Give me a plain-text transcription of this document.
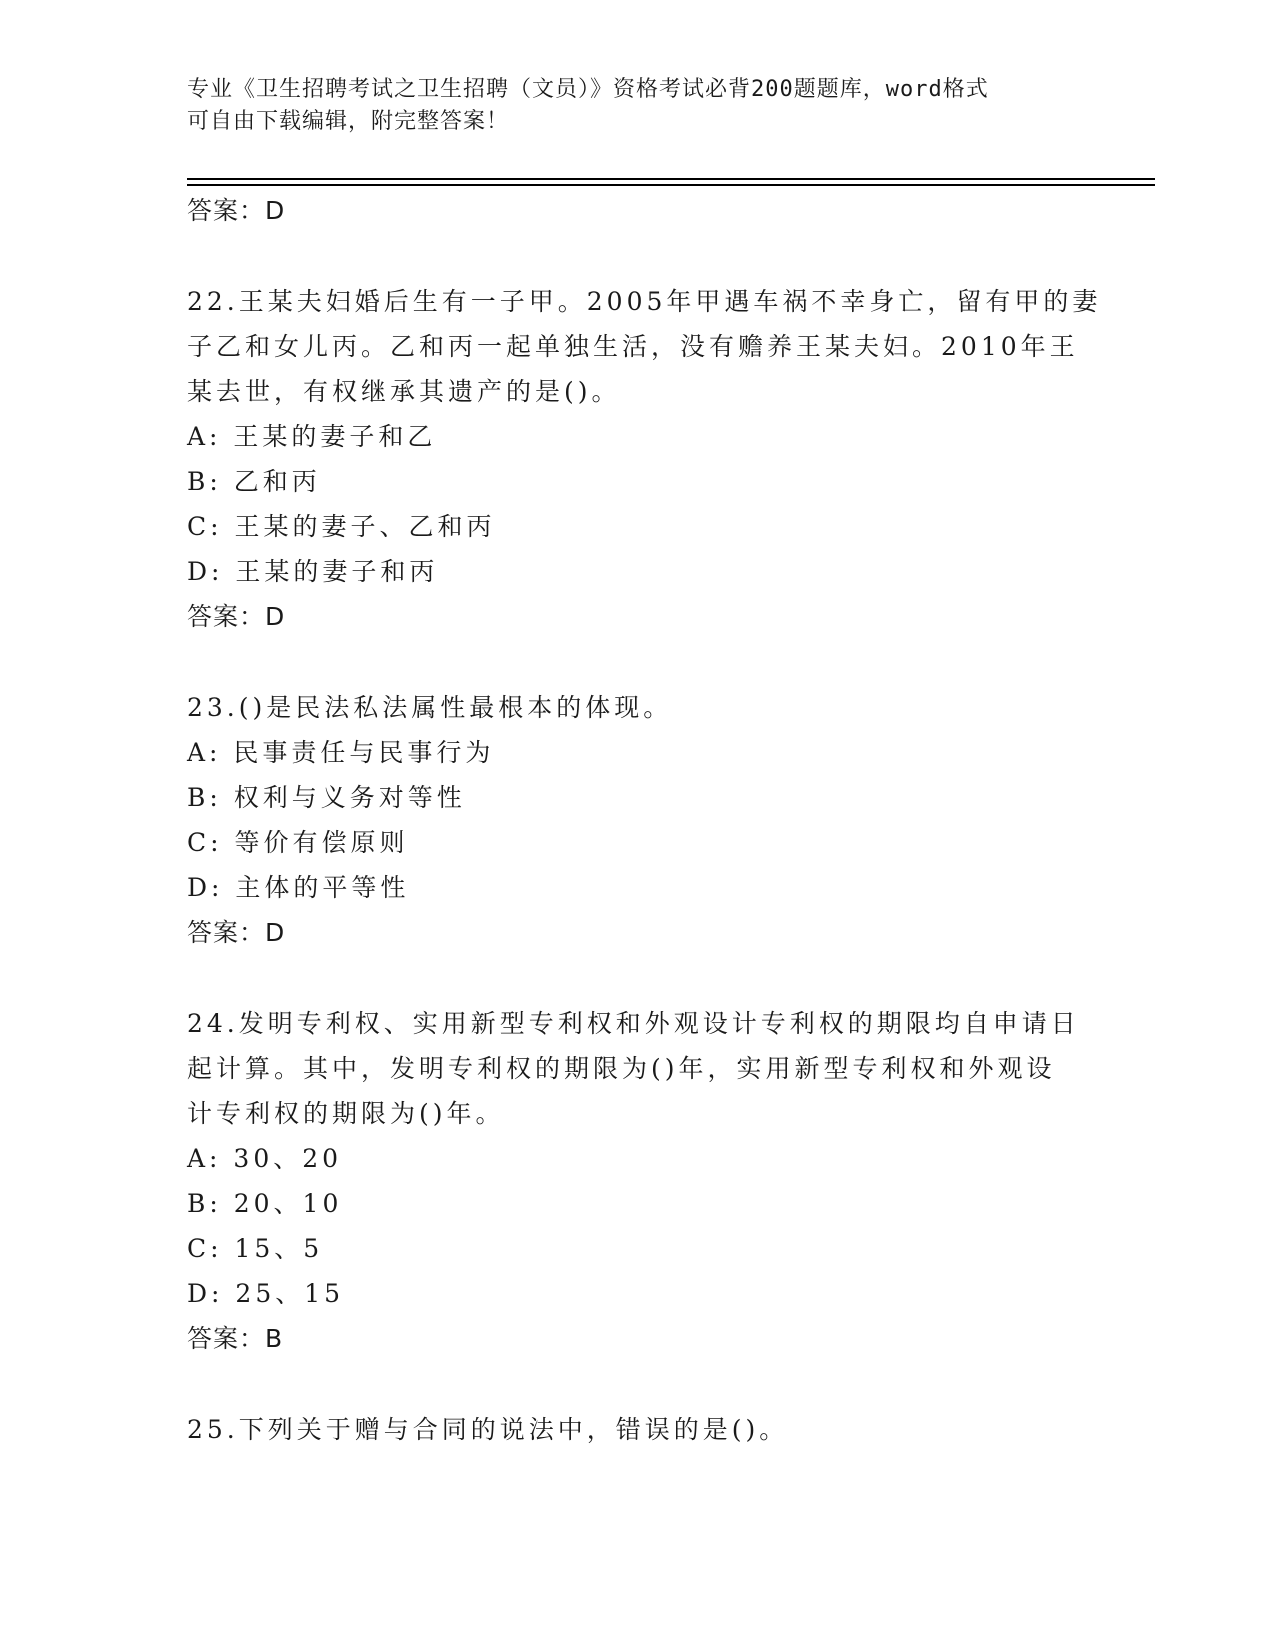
专业《卫生招聘考试之卫生招聘（文员）》资格考试必背200题题库，word格式
可自由下载编辑，附完整答案！
答案：D
22.王某夫妇婚后生有一子甲。2005年甲遇车祸不幸身亡，留有甲的妻
子乙和女儿丙。乙和丙一起单独生活，没有赡养王某夫妇。2010年王
某去世，有权继承其遗产的是()。
A: 王某的妻子和乙
B: 乙和丙
C: 王某的妻子、乙和丙
D: 王某的妻子和丙
答案：D
23.()是民法私法属性最根本的体现。
A: 民事责任与民事行为
B: 权利与义务对等性
C: 等价有偿原则
D: 主体的平等性
答案：D
24.发明专利权、实用新型专利权和外观设计专利权的期限均自申请日
起计算。其中，发明专利权的期限为()年，实用新型专利权和外观设
计专利权的期限为()年。
A: 30、20
B: 20、10
C: 15、5
D: 25、15
答案：B
25.下列关于赠与合同的说法中，错误的是()。
